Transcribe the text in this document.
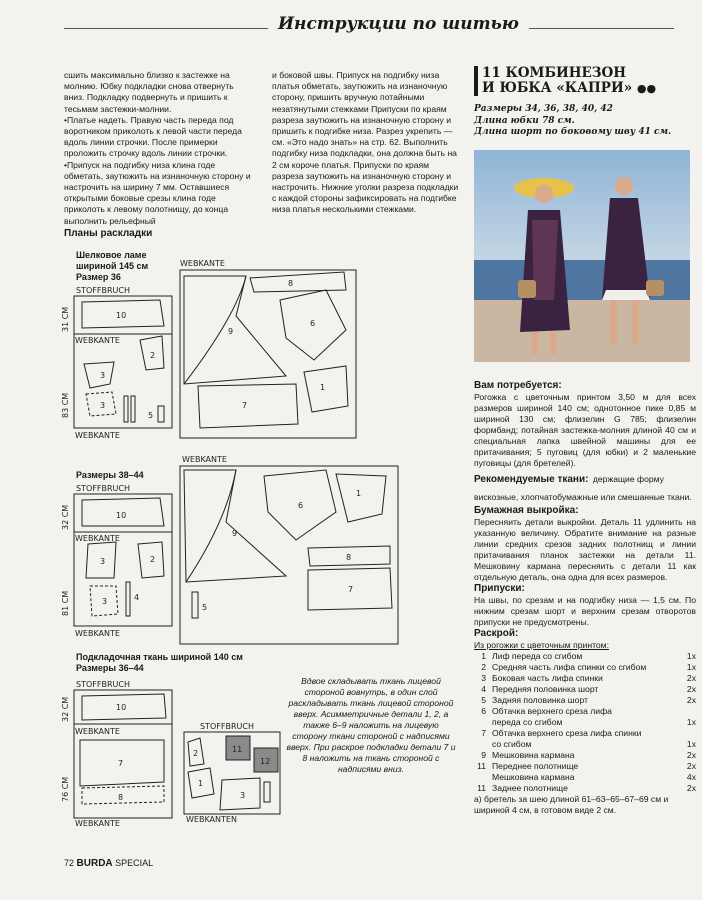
Инструкции по шитью

сшить максимально близко к застежке на молнию. Юбку подкладки снова отвернуть вниз. Подкладку подвернуть и пришить к тесьмам застежки-молнии.

•Платье надеть. Правую часть переда под воротником приколоть к левой части переда вдоль линии строчки. После примерки проложить строчку вдоль линии строчки.

•Припуск на подгибку низа клина годе обметать, заутюжить на изнаночную сторону и настрочить на ширину 7 мм. Оставшиеся открытыми боковые срезы клина годе приколоть к левому полотнищу, до конца выполнить рельефный

и боковой швы. Припуск на подгибку низа платья обметать, заутюжить на изнаночную сторону, пришить вручную потайными незатянутыми стежками Припуски по краям разреза заутюжить на изнаночную сторону и пришить к подгибке низа. Разрез укрепить — см. «Это надо знать» на стр. 62. Выполнить подгибку низа подкладки, она должна быть на 2 см короче платья. Припуски по краям разреза заутюжить на изнаночную сторону и настрочить. Нижние уголки разреза подкладки с каждой стороны зафиксировать на подгибке низа платья несколькими стежками.

Планы раскладки
Шелковое ламе шириной 145 см
Размер 36
STOFFBRUCH
WEBKANTE
WEBKANTE
10
2
3
3
5
31 CM
83 CM
WEBKANTE
9
8
6
7
1
Размеры 38–44
STOFFBRUCH
WEBKANTE
WEBKANTE
10
3	2
3	4
32 CM
81 CM
WEBKANTE
9
6
1
8
7
5
Подкладочная ткань шириной 140 см
Размеры 36–44
STOFFBRUCH
10
WEBKANTE
7
8
WEBKANTE
32 CM
76 CM
STOFFBRUCH
2	11
12
1
3
WEBKANTEN
Вдвое складывать ткань лицевой стороной вовнутрь, в один слой раскладывать ткань лицевой стороной вверх. Асимметричные детали 1, 2, а также 6–9 наложить на лицевую сторону ткани стороной с надписями вверх. При раскрое подкладки детали 7 и 8 наложить на ткань стороной с надписями вниз.
11 КОМБИНЕЗОН
И ЮБКА «КАПРИ» ●●
Размеры 34, 36, 38, 40, 42
Длина юбки 78 см.
Длина шорт по боковому шву 41 см.
Вам потребуется:

Рогожка с цветочным принтом 3,50 м для всех размеров шириной 140 см; однотонное пике 0,85 м шириной 130 см; флизелин G 785; флизелин формбанд; потайная застежка-молния длиной 40 см и специальная лапка швейной машины для ее притачивания; 5 пуговиц (для юбки) и 2 маленькие пуговицы (для бретелей).

Рекомендуемые ткани: держащие форму вискозные, хлопчатобумажные или смешанные ткани.
Бумажная выкройка:

Пересняить детали выкройки. Деталь 11 удлинить на указанную величину. Обратите внимание на разные линии средних срезов задних полотнищ и линии притачивания планок застежки на детали 11. Мешковину кармана пересняить с детали 11 как отдельную деталь, она одна для всех размеров.

Припуски:

На швы, по срезам и на подгибку низа — 1,5 см. По нижним срезам шорт и верхним срезам отворотов припуски не предусмотрены.

Раскрой:
Из рогожки с цветочным принтом:
1 Лиф переда со сгибом	1х
2 Средняя часть лифа спинки со сгибом	1х
3 Боковая часть лифа спинки	2х
4 Передняя половинка шорт	2х
5 Задняя половинка шорт	2х
6 Обтачка верхнего среза лифа
переда со сгибом	1х
7 Обтачка верхнего среза лифа спинки
со сгибом	1х
9 Мешковина кармана	2х
11 Переднее полотнище	2х
Мешковина кармана	4х
11 Заднее полотнище	2х

а) бретель за шею длиной 61–63–65–67–69 см и шириной 4 см, в готовом виде 2 см.

72 BURDA SPECIAL
